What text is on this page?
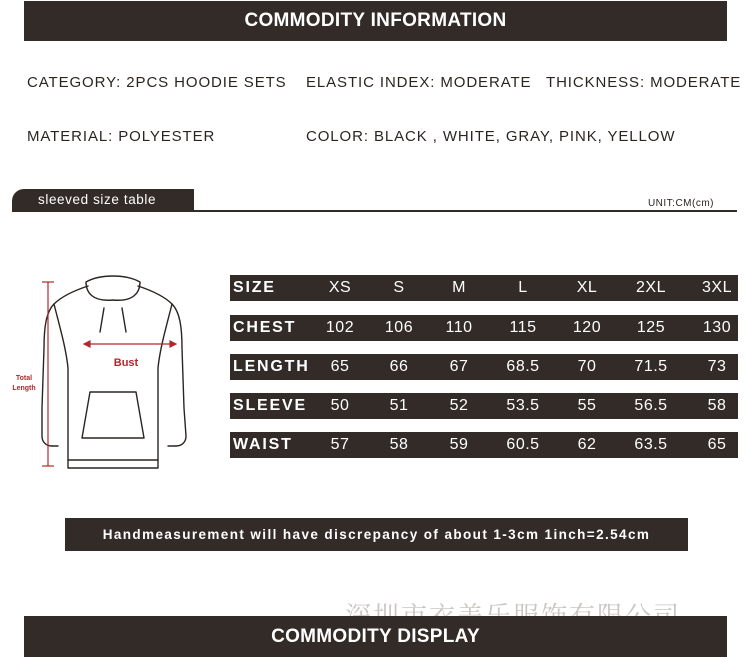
COMMODITY INFORMATION
CATEGORY: 2PCS HOODIE SETS ELASTIC INDEX: MODERATE THICKNESS: MODERATE
MATERIAL: POLYESTER	COLOR: BLACK , WHITE, GRAY, PINK, YELLOW
sleeved size table	UNIT:CM(cm)
Bust
Total
Length
SIZE	XS	S	M	L	XL	2XL	3XL
CHEST	102	106	110	115	120	125	130
LENGTH	65	66	67	68.5	70	71.5	73
SLEEVE	50	51	52	53.5	55	56.5	58
WAIST	57	58	59	60.5	62	63.5	65
Handmeasurement will have discrepancy of about 1-3cm 1inch=2.54cm
COMMODITY DISPLAY
